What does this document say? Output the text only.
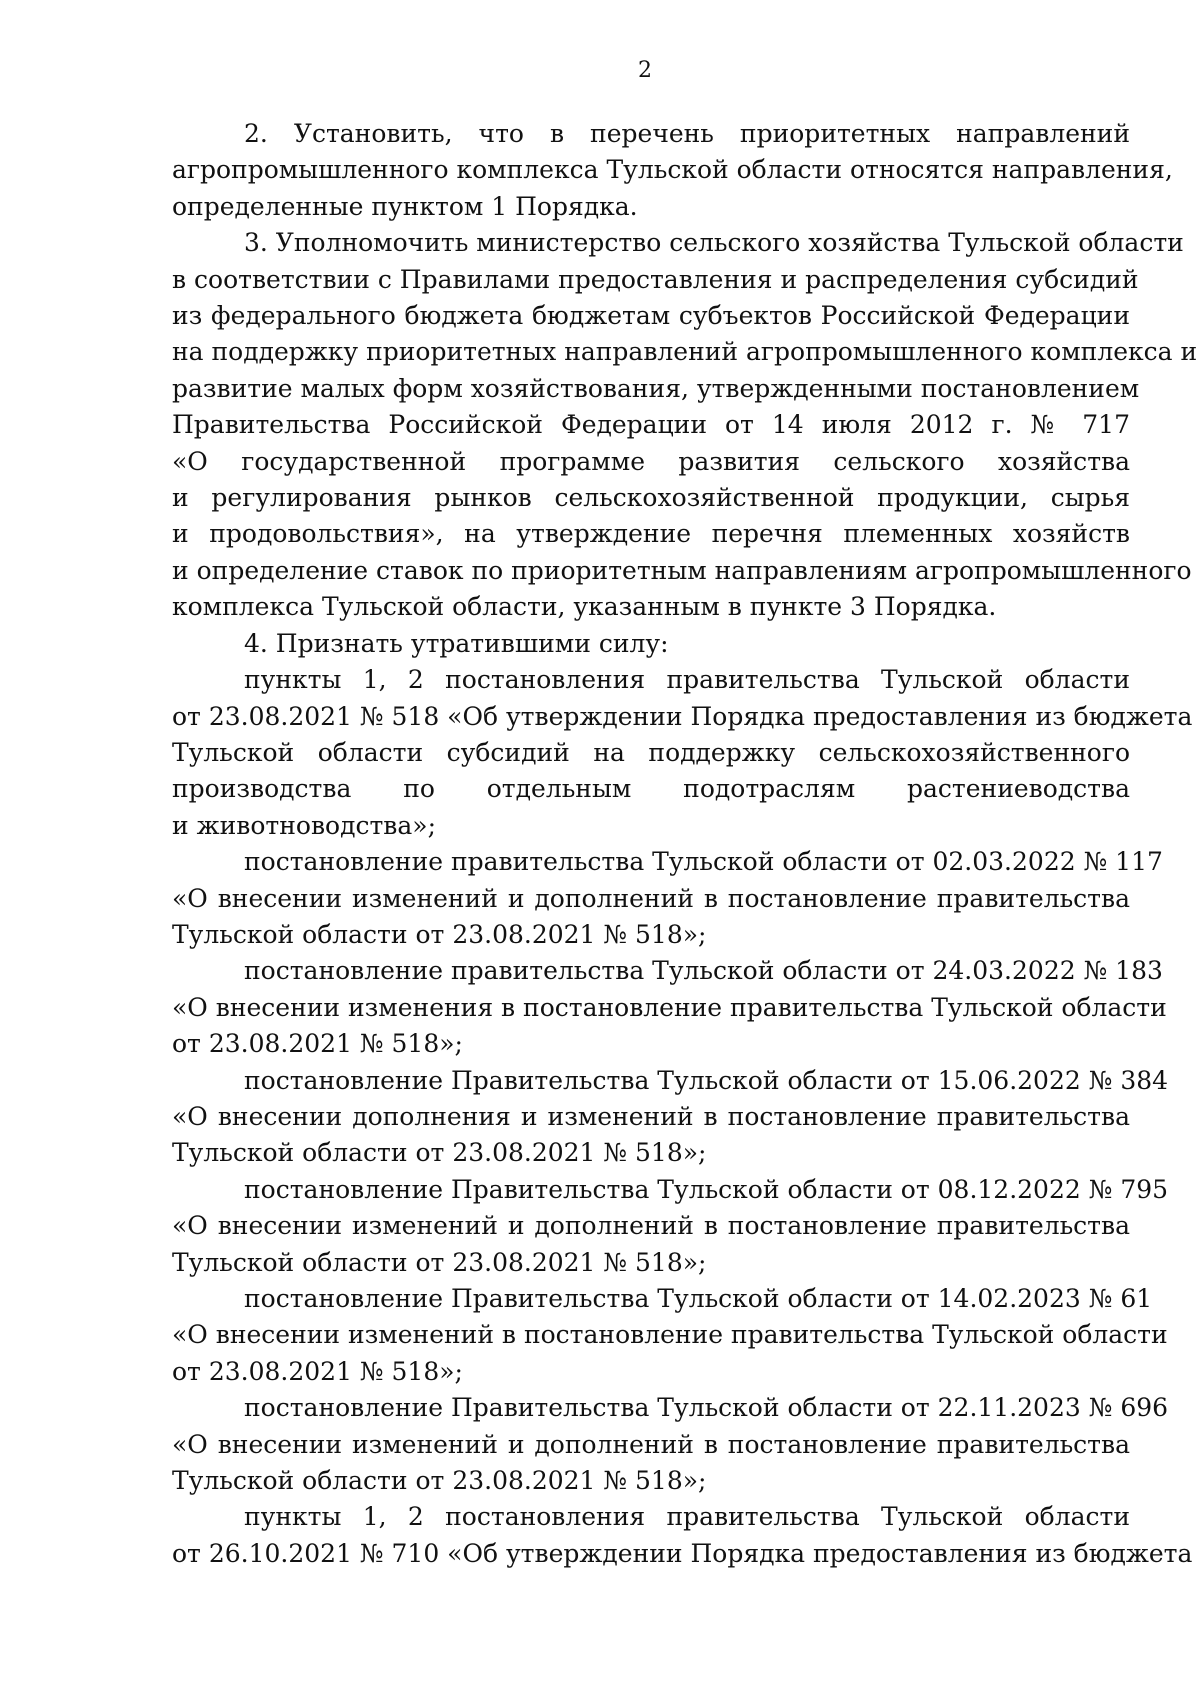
2
2. Установить, что в перечень приоритетных направлений
агропромышленного комплекса Тульской области относятся направления,
определенные пунктом 1 Порядка.
3. Уполномочить министерство сельского хозяйства Тульской области
в соответствии с Правилами предоставления и распределения субсидий
из федерального бюджета бюджетам субъектов Российской Федерации
на поддержку приоритетных направлений агропромышленного комплекса и
развитие малых форм хозяйствования, утвержденными постановлением
Правительства Российской Федерации от 14 июля 2012 г. № 717
«О государственной программе развития сельского хозяйства
и регулирования рынков сельскохозяйственной продукции, сырья
и продовольствия», на утверждение перечня племенных хозяйств
и определение ставок по приоритетным направлениям агропромышленного
комплекса Тульской области, указанным в пункте 3 Порядка.
4. Признать утратившими силу:
пункты 1, 2 постановления правительства Тульской области
от 23.08.2021 № 518 «Об утверждении Порядка предоставления из бюджета
Тульской области субсидий на поддержку сельскохозяйственного
производства по отдельным подотраслям растениеводства
и животноводства»;
постановление правительства Тульской области от 02.03.2022 № 117
«О внесении изменений и дополнений в постановление правительства
Тульской области от 23.08.2021 № 518»;
постановление правительства Тульской области от 24.03.2022 № 183
«О внесении изменения в постановление правительства Тульской области
от 23.08.2021 № 518»;
постановление Правительства Тульской области от 15.06.2022 № 384
«О внесении дополнения и изменений в постановление правительства
Тульской области от 23.08.2021 № 518»;
постановление Правительства Тульской области от 08.12.2022 № 795
«О внесении изменений и дополнений в постановление правительства
Тульской области от 23.08.2021 № 518»;
постановление Правительства Тульской области от 14.02.2023 № 61
«О внесении изменений в постановление правительства Тульской области
от 23.08.2021 № 518»;
постановление Правительства Тульской области от 22.11.2023 № 696
«О внесении изменений и дополнений в постановление правительства
Тульской области от 23.08.2021 № 518»;
пункты 1, 2 постановления правительства Тульской области
от 26.10.2021 № 710 «Об утверждении Порядка предоставления из бюджета
